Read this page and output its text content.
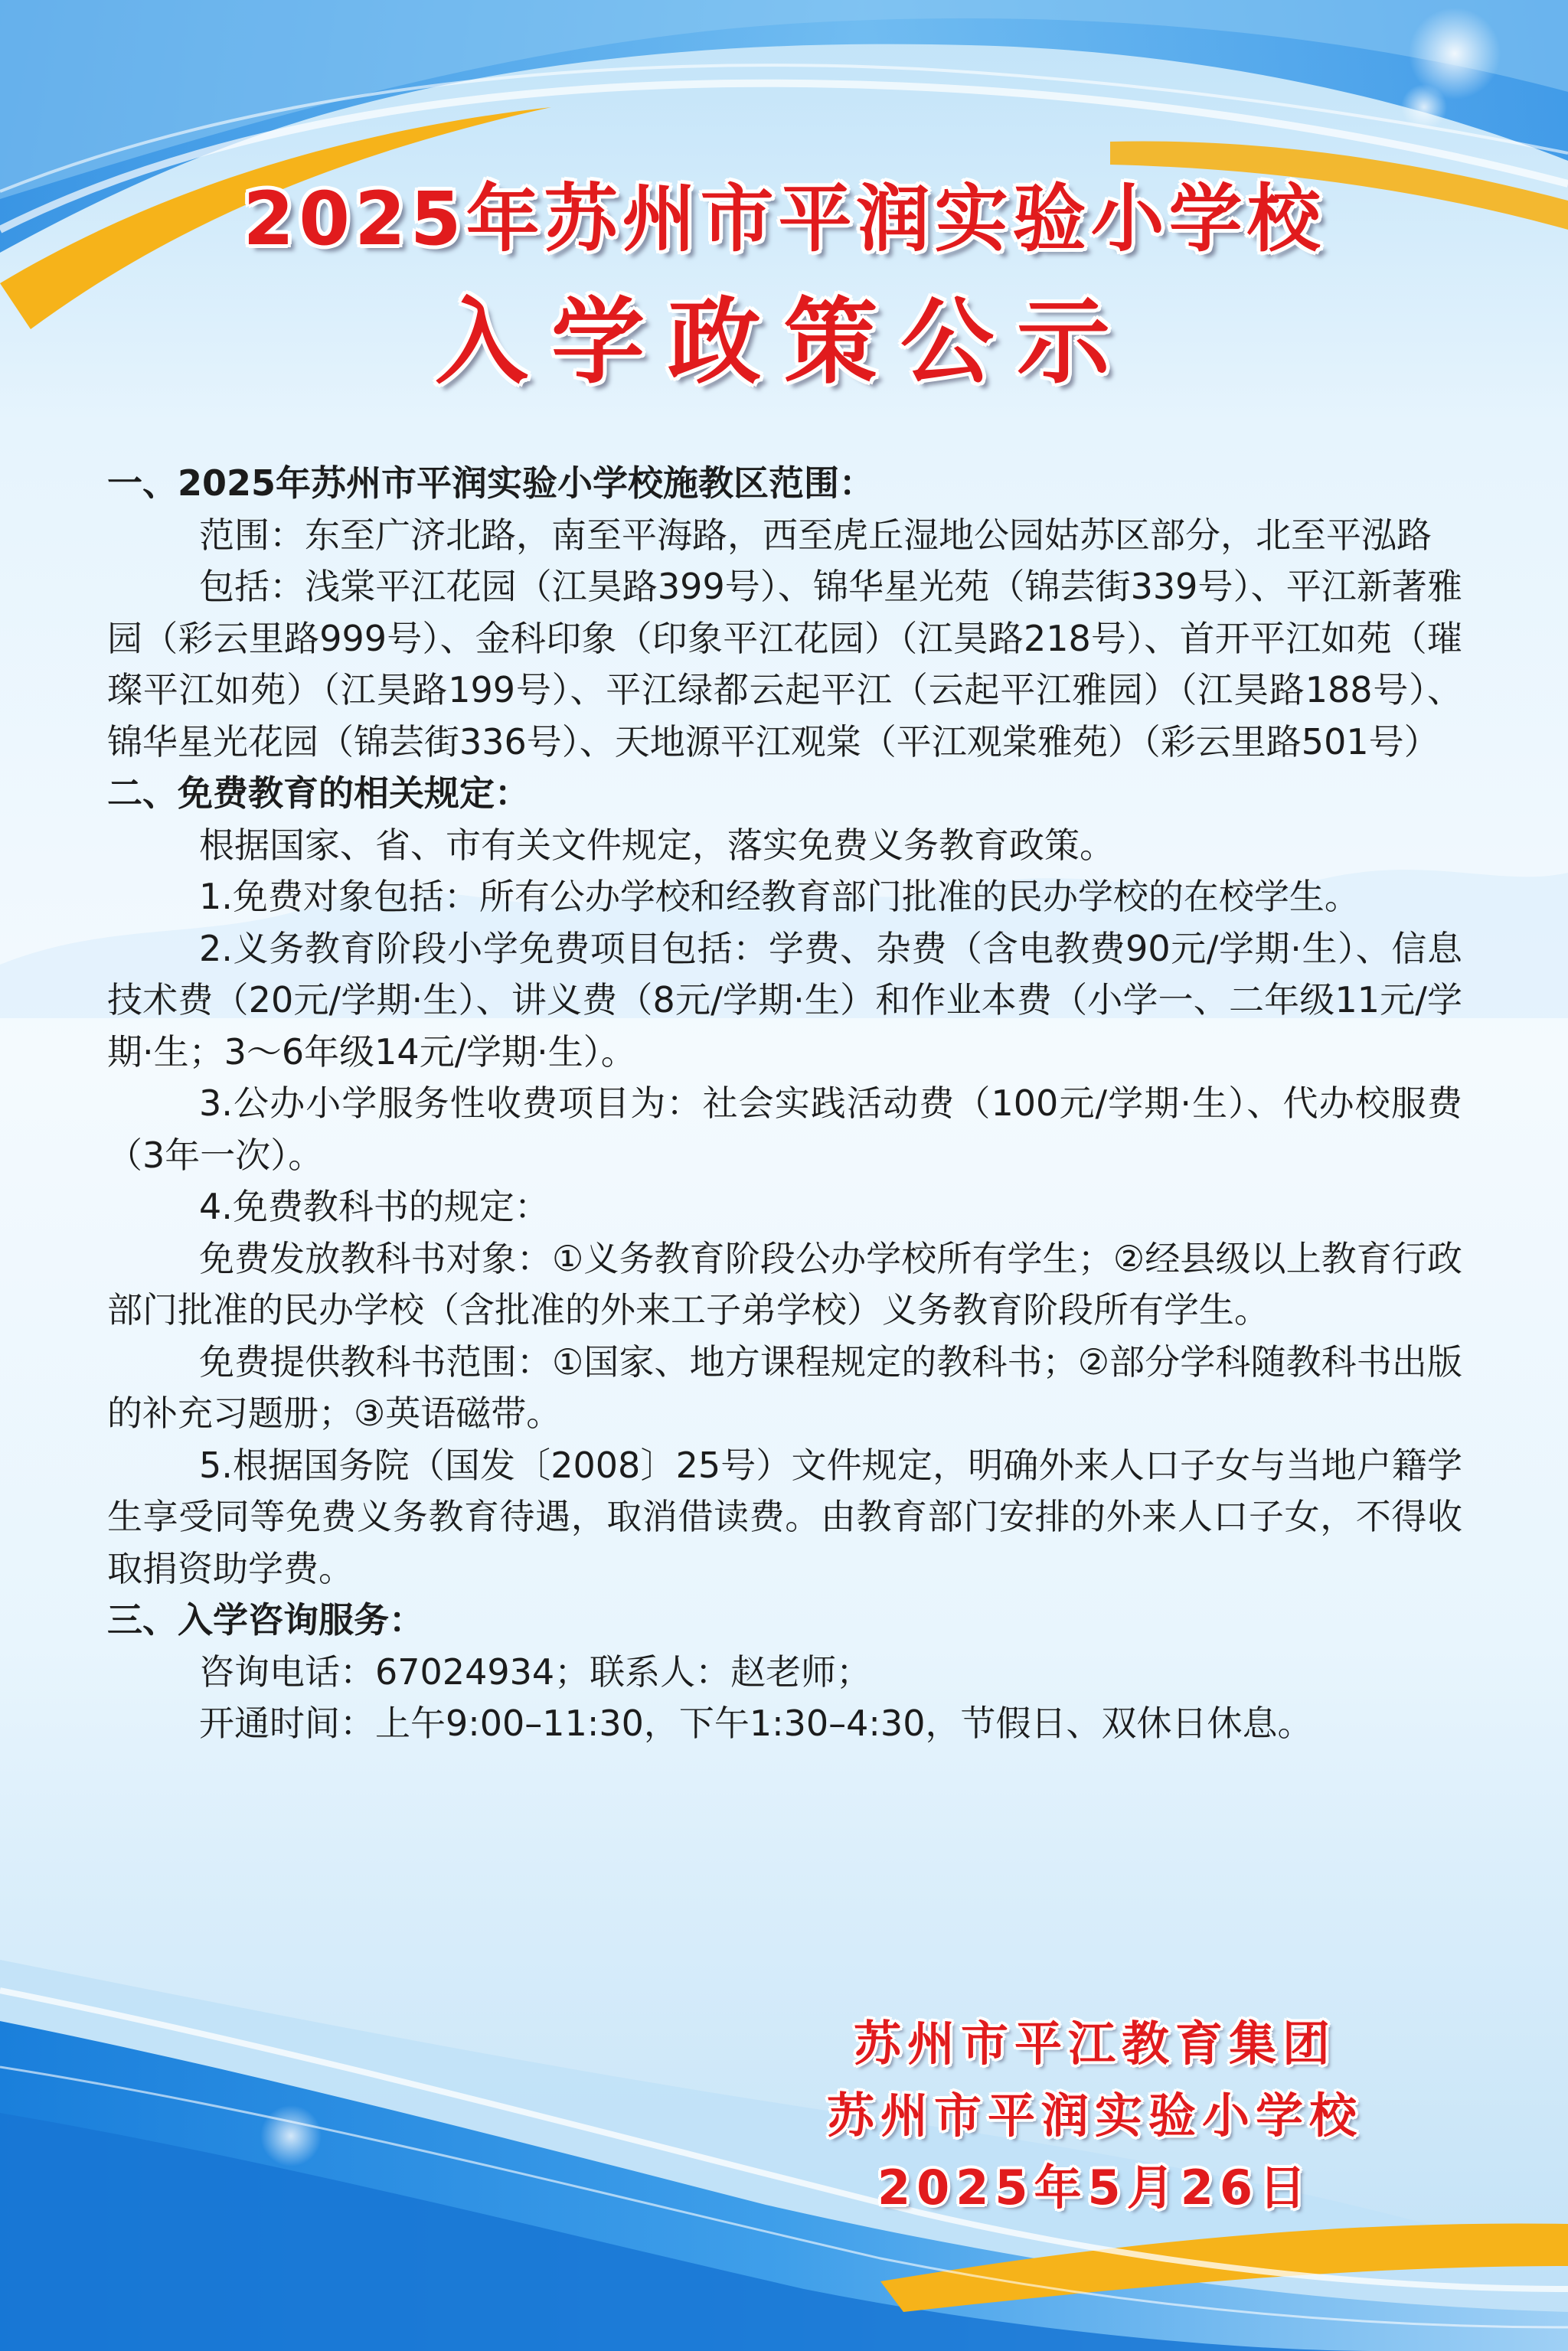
2025年苏州市平润实验小学校
入学政策公示

一、2025年苏州市平润实验小学校施教区范围：

范围：东至广济北路，南至平海路，西至虎丘湿地公园姑苏区部分，北至平泓路

包括：浅棠平江花园（江昊路399号）、锦华星光苑（锦芸街339号）、平江新著雅园（彩云里路999号）、金科印象（印象平江花园）（江昊路218号）、首开平江如苑（璀璨平江如苑）（江昊路199号）、平江绿都云起平江（云起平江雅园）（江昊路188号）、锦华星光花园（锦芸街336号）、天地源平江观棠（平江观棠雅苑）（彩云里路501号）

二、免费教育的相关规定：

根据国家、省、市有关文件规定，落实免费义务教育政策。

1.免费对象包括：所有公办学校和经教育部门批准的民办学校的在校学生。

2.义务教育阶段小学免费项目包括：学费、杂费（含电教费90元/学期·生）、信息技术费（20元/学期·生）、讲义费（8元/学期·生）和作业本费（小学一、二年级11元/学期·生；3～6年级14元/学期·生）。

3.公办小学服务性收费项目为：社会实践活动费（100元/学期·生）、代办校服费（3年一次）。

4.免费教科书的规定：

免费发放教科书对象：①义务教育阶段公办学校所有学生；②经县级以上教育行政部门批准的民办学校（含批准的外来工子弟学校）义务教育阶段所有学生。

免费提供教科书范围：①国家、地方课程规定的教科书；②部分学科随教科书出版的补充习题册；③英语磁带。

5.根据国务院（国发〔2008〕25号）文件规定，明确外来人口子女与当地户籍学生享受同等免费义务教育待遇，取消借读费。由教育部门安排的外来人口子女，不得收取捐资助学费。

三、入学咨询服务：

咨询电话：67024934；联系人：赵老师；

开通时间：上午9:00–11:30，下午1:30–4:30，节假日、双休日休息。

苏州市平江教育集团
苏州市平润实验小学校
2025年5月26日
